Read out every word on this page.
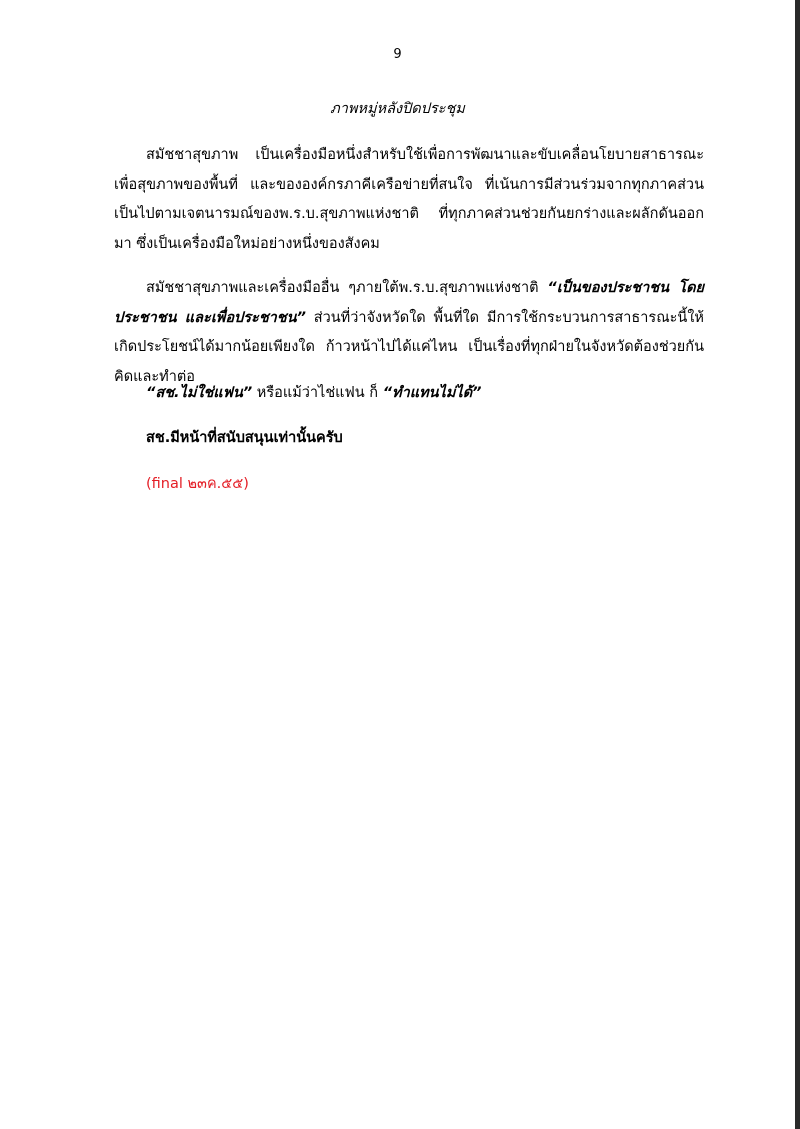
9
ภาพหมู่หลังปิดประชุม

สมัชชาสุขภาพ เป็นเครื่องมือหนึ่งสำหรับใช้เพื่อการพัฒนาและขับเคลื่อนโยบายสาธารณะเพื่อสุขภาพของพื้นที่ และขององค์กรภาคีเครือข่ายที่สนใจ ที่เน้นการมีส่วนร่วมจากทุกภาคส่วน เป็นไปตามเจตนารมณ์ของพ.ร.บ.สุขภาพแห่งชาติ ที่ทุกภาคส่วนช่วยกันยกร่างและผลักดันออกมา ซึ่งเป็นเครื่องมือใหม่อย่างหนึ่งของสังคม

สมัชชาสุขภาพและเครื่องมืออื่น ๆภายใต้พ.ร.บ.สุขภาพแห่งชาติ “เป็นของประชาชน โดยประชาชน และเพื่อประชาชน” ส่วนที่ว่าจังหวัดใด พื้นที่ใด มีการใช้กระบวนการสาธารณะนี้ให้เกิดประโยชน์ได้มากน้อยเพียงใด ก้าวหน้าไปได้แค่ไหน เป็นเรื่องที่ทุกฝ่ายในจังหวัดต้องช่วยกันคิดและทำต่อ

“สช.ไม่ใช่แฟน” หรือแม้ว่าไช่แฟน ก็ “ทำแทนไม่ได้”

สช.มีหน้าที่สนับสนุนเท่านั้นครับ

(final ๒๓ค.๕๕)
